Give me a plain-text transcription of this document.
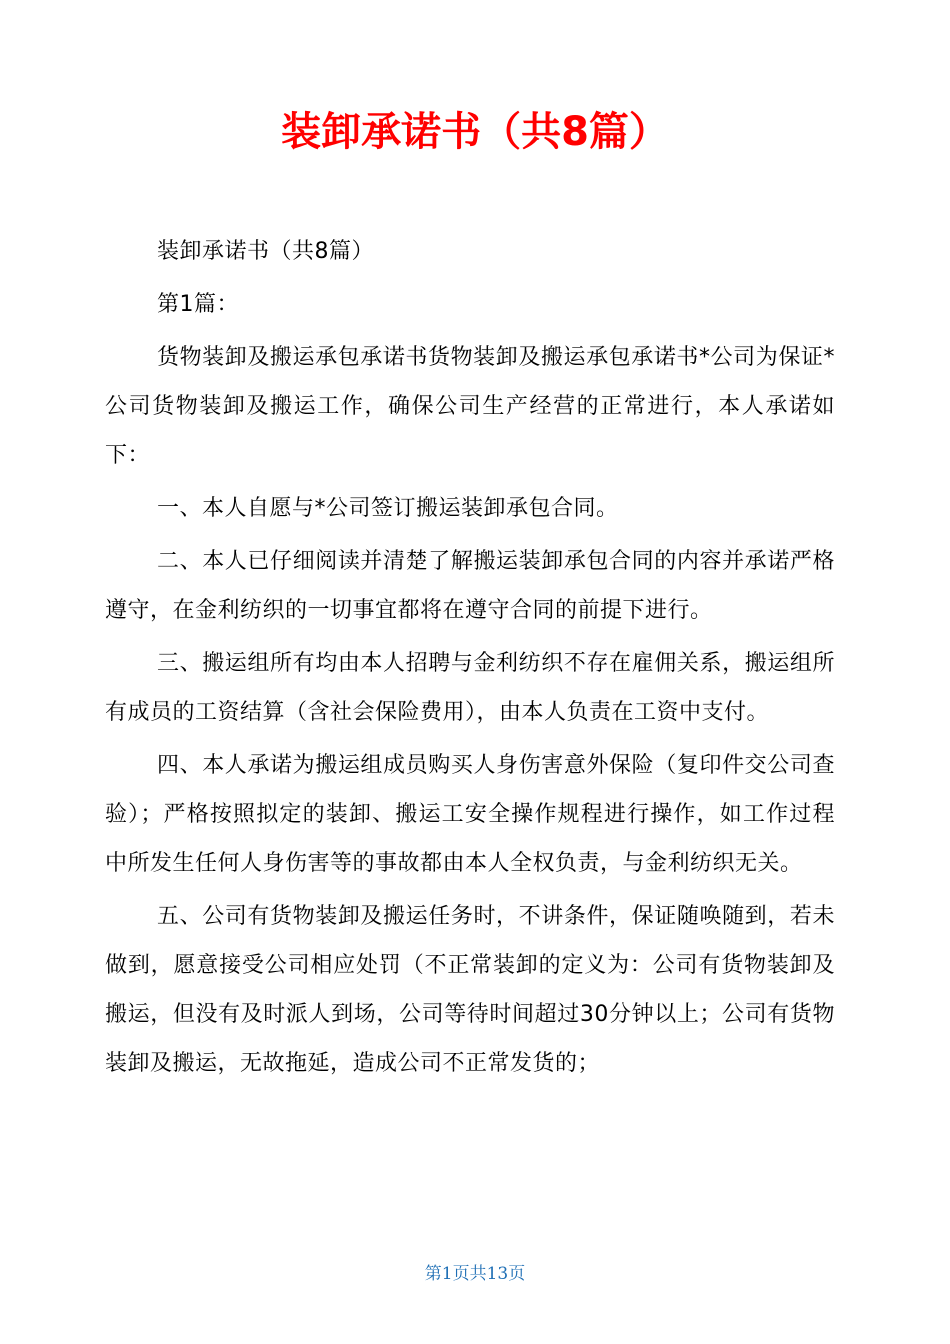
装卸承诺书（共8篇）

装卸承诺书（共8篇）

第1篇：

货物装卸及搬运承包承诺书货物装卸及搬运承包承诺书*公司为保证*公司货物装卸及搬运工作，确保公司生产经营的正常进行，本人承诺如下：

一、本人自愿与*公司签订搬运装卸承包合同。

二、本人已仔细阅读并清楚了解搬运装卸承包合同的内容并承诺严格遵守，在金利纺织的一切事宜都将在遵守合同的前提下进行。

三、搬运组所有均由本人招聘与金利纺织不存在雇佣关系，搬运组所有成员的工资结算（含社会保险费用），由本人负责在工资中支付。

四、本人承诺为搬运组成员购买人身伤害意外保险（复印件交公司查验）；严格按照拟定的装卸、搬运工安全操作规程进行操作，如工作过程中所发生任何人身伤害等的事故都由本人全权负责，与金利纺织无关。

五、公司有货物装卸及搬运任务时，不讲条件，保证随唤随到，若未做到，愿意接受公司相应处罚（不正常装卸的定义为：公司有货物装卸及搬运，但没有及时派人到场，公司等待时间超过30分钟以上；公司有货物装卸及搬运，无故拖延，造成公司不正常发货的；

第1页共13页
